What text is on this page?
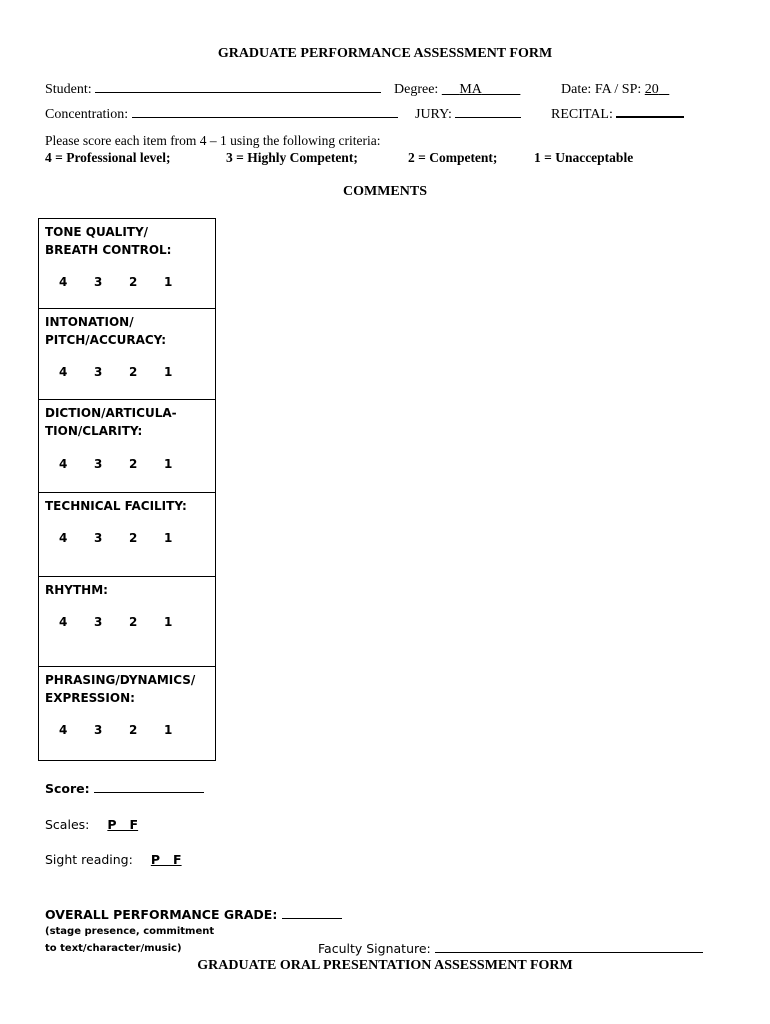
GRADUATE PERFORMANCE ASSESSMENT FORM
Student:	Degree: MA	Date: FA / SP: 20
Concentration:	JURY:	RECITAL:
Please score each item from 4 – 1 using the following criteria:
4 = Professional level;	3 = Highly Competent;	2 = Competent;	1 = Unacceptable
COMMENTS
TONE QUALITY/
BREATH CONTROL:
4 3 2 1
INTONATION/
PITCH/ACCURACY:
4 3 2 1
DICTION/ARTICULA-
TION/CLARITY:
4 3 2 1
TECHNICAL FACILITY:
4 3 2 1
RHYTHM:
4 3 2 1
PHRASING/DYNAMICS/
EXPRESSION:
4 3 2 1
Score:
Scales: P   F
Sight reading: P   F
OVERALL PERFORMANCE GRADE:
(stage presence, commitment
to text/character/music)	Faculty Signature:
GRADUATE ORAL PRESENTATION ASSESSMENT FORM
